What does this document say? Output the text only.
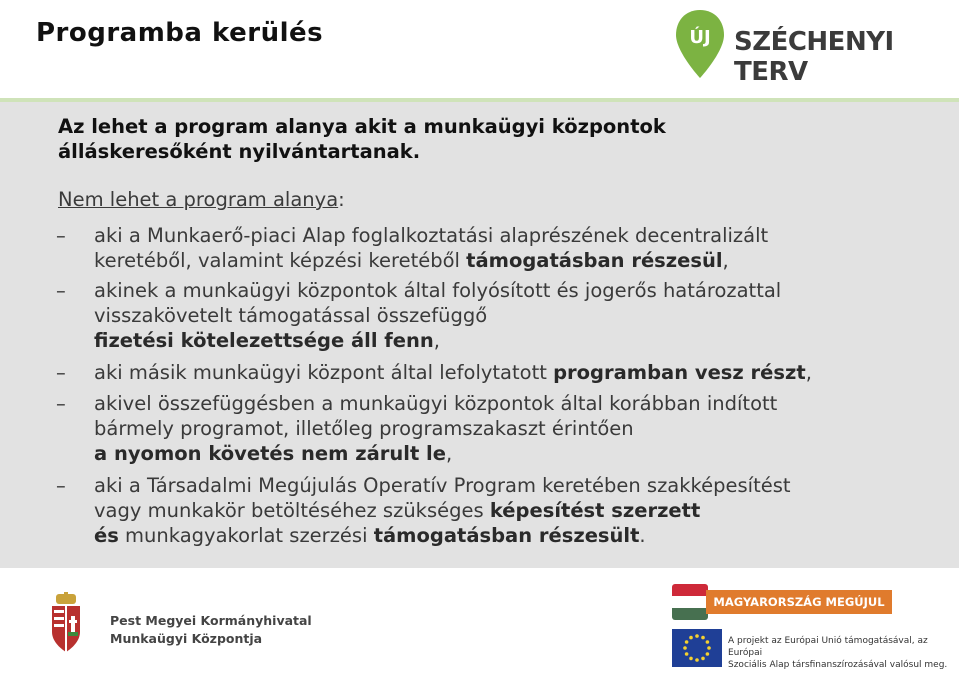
Programba kerülés	ÚJ SZÉCHENYI TERV
Az lehet a program alanya akit a munkaügyi központok
álláskeresőként nyilvántartanak.
Nem lehet a program alanya:
–	aki a Munkaerő-piaci Alap foglalkoztatási alaprészének decentralizált
keretéből, valamint képzési keretéből támogatásban részesül,
–	akinek a munkaügyi központok által folyósított és jogerős határozattal
visszakövetelt támogatással összefüggő
fizetési kötelezettsége áll fenn,
–	aki másik munkaügyi központ által lefolytatott programban vesz részt,
–	akivel összefüggésben a munkaügyi központok által korábban indított
bármely programot, illetőleg programszakaszt érintően
a nyomon követés nem zárult le,
–	aki a Társadalmi Megújulás Operatív Program keretében szakképesítést
vagy munkakör betöltéséhez szükséges képesítést szerzett
és munkagyakorlat szerzési támogatásban részesült.
Pest Megyei Kormányhivatal
Munkaügyi Központja
MAGYARORSZÁG MEGÚJUL
A projekt az Európai Unió támogatásával, az Európai
Szociális Alap társfinanszírozásával valósul meg.
